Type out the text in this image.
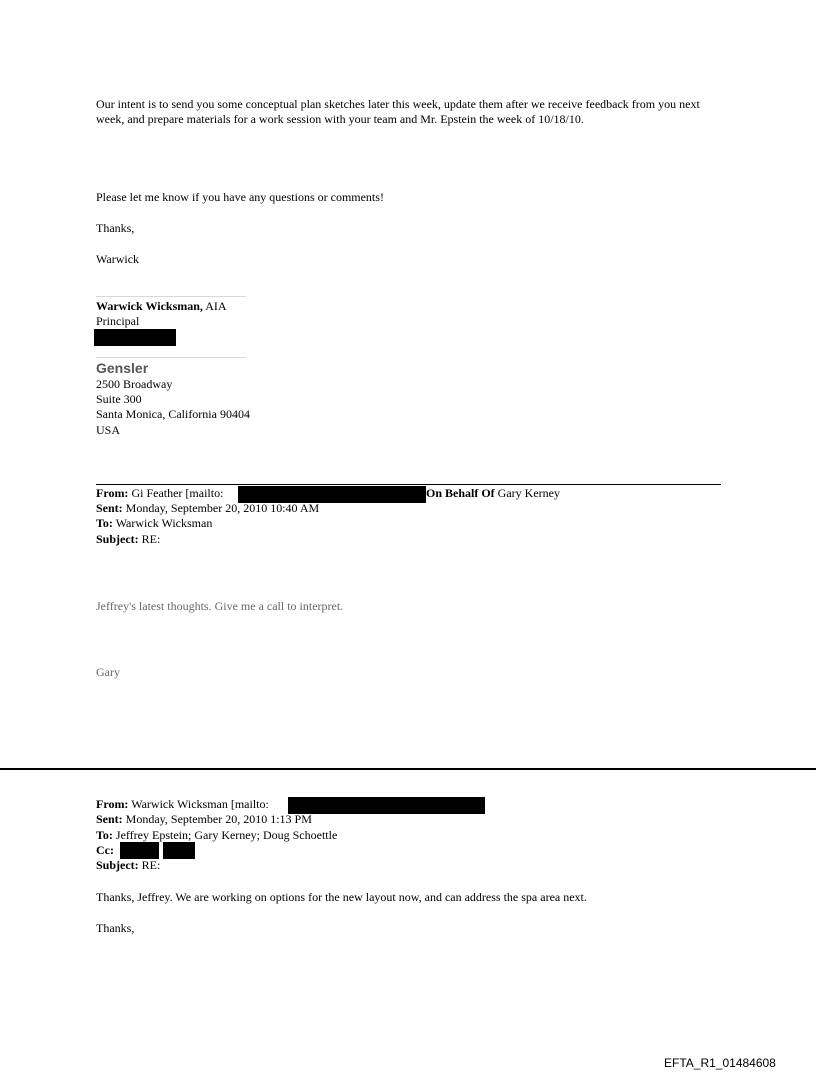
Our intent is to send you some conceptual plan sketches later this week, update them after we receive feedback from you next week, and prepare materials for a work session with your team and Mr. Epstein the week of 10/18/10.
Please let me know if you have any questions or comments!
Thanks,
Warwick
Warwick Wicksman, AIA
Principal
Gensler
2500 Broadway
Suite 300
Santa Monica, California 90404
USA
From: Gi Feather [mailto:	On Behalf Of Gary Kerney
Sent: Monday, September 20, 2010 10:40 AM
To: Warwick Wicksman
Subject: RE:
Jeffrey's latest thoughts. Give me a call to interpret.
Gary
From: Warwick Wicksman [mailto:
Sent: Monday, September 20, 2010 1:13 PM
To: Jeffrey Epstein; Gary Kerney; Doug Schoettle
Cc:
Subject: RE:
Thanks, Jeffrey. We are working on options for the new layout now, and can address the spa area next.
Thanks,
EFTA_R1_01484608
